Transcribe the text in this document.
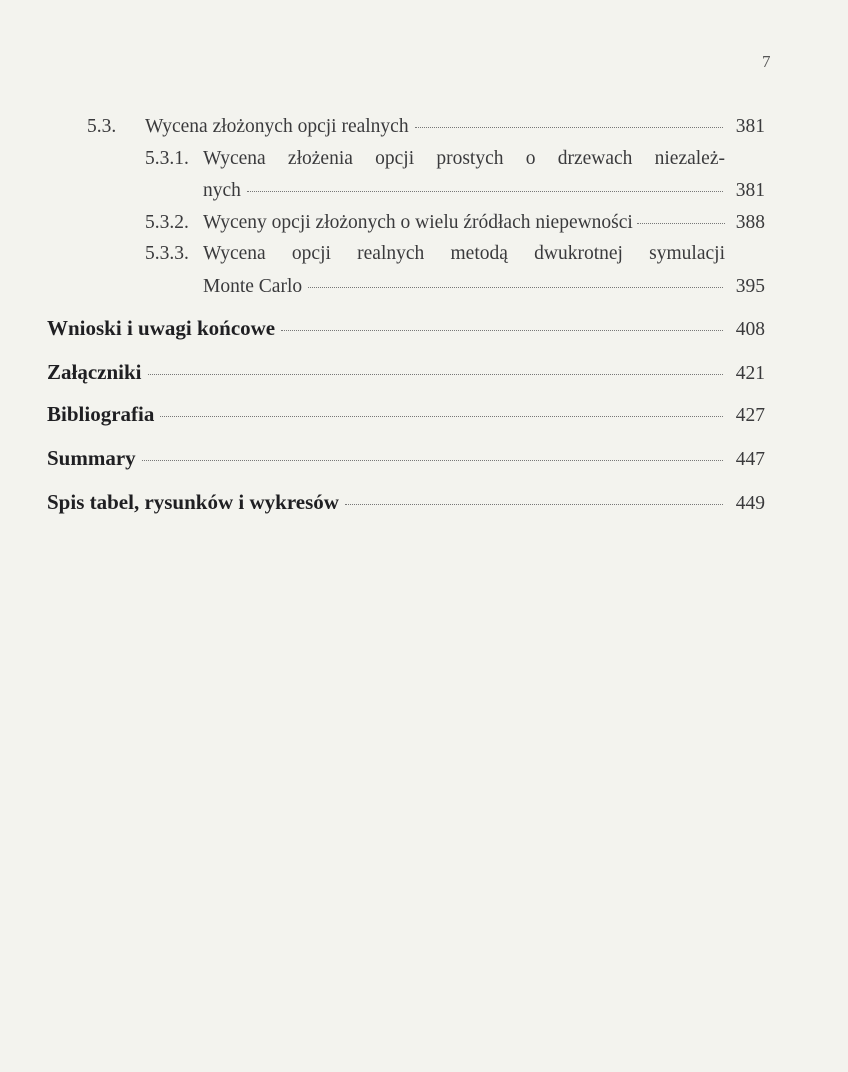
7
5.3.	Wycena złożonych opcji realnych	381
5.3.1. Wycena złożenia opcji prostych o drzewach niezależ-
nych	381
5.3.2. Wyceny opcji złożonych o wielu źródłach niepewności	388
5.3.3. Wycena opcji realnych metodą dwukrotnej symulacji
Monte Carlo	395
Wnioski i uwagi końcowe	408
Załączniki	421
Bibliografia	427
Summary	447
Spis tabel, rysunków i wykresów	449
